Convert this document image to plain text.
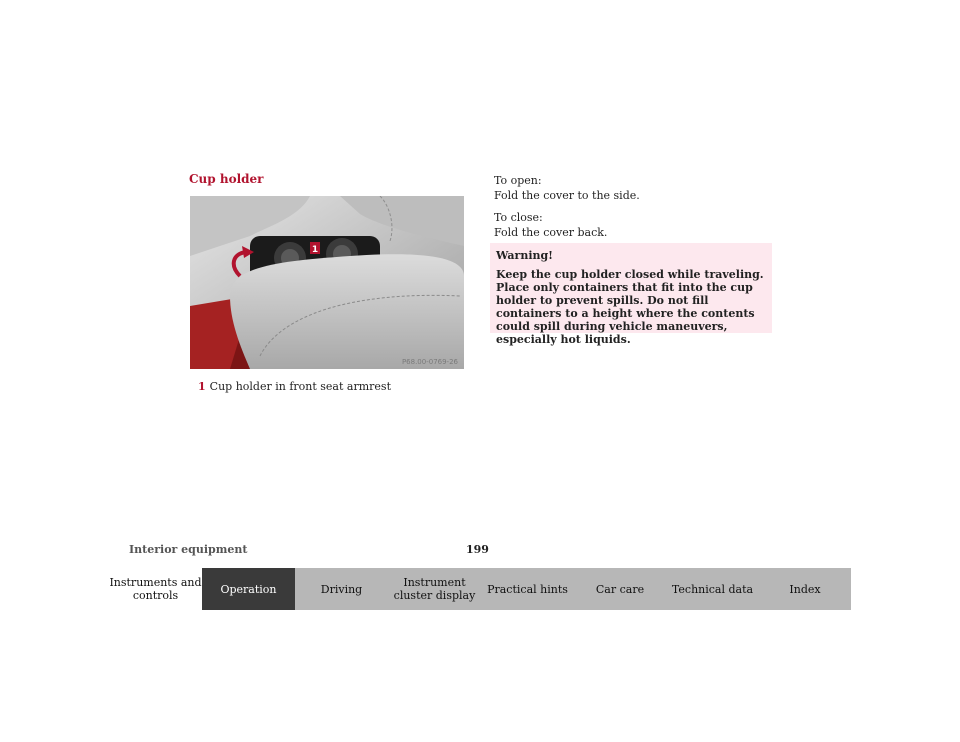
Cup holder
1
P68.00-0769-26
1 Cup holder in front seat armrest

To open:
Fold the cover to the side.

To close:
Fold the cover back.

Warning!
Keep the cup holder closed while traveling. Place only containers that fit into the cup holder to prevent spills. Do not fill containers to a height where the contents could spill during vehicle maneuvers, especially hot liquids.
Interior equipment	199
Instruments and controls	Operation	Driving	Instrument cluster display	Practical hints	Car care	Technical data	Index
